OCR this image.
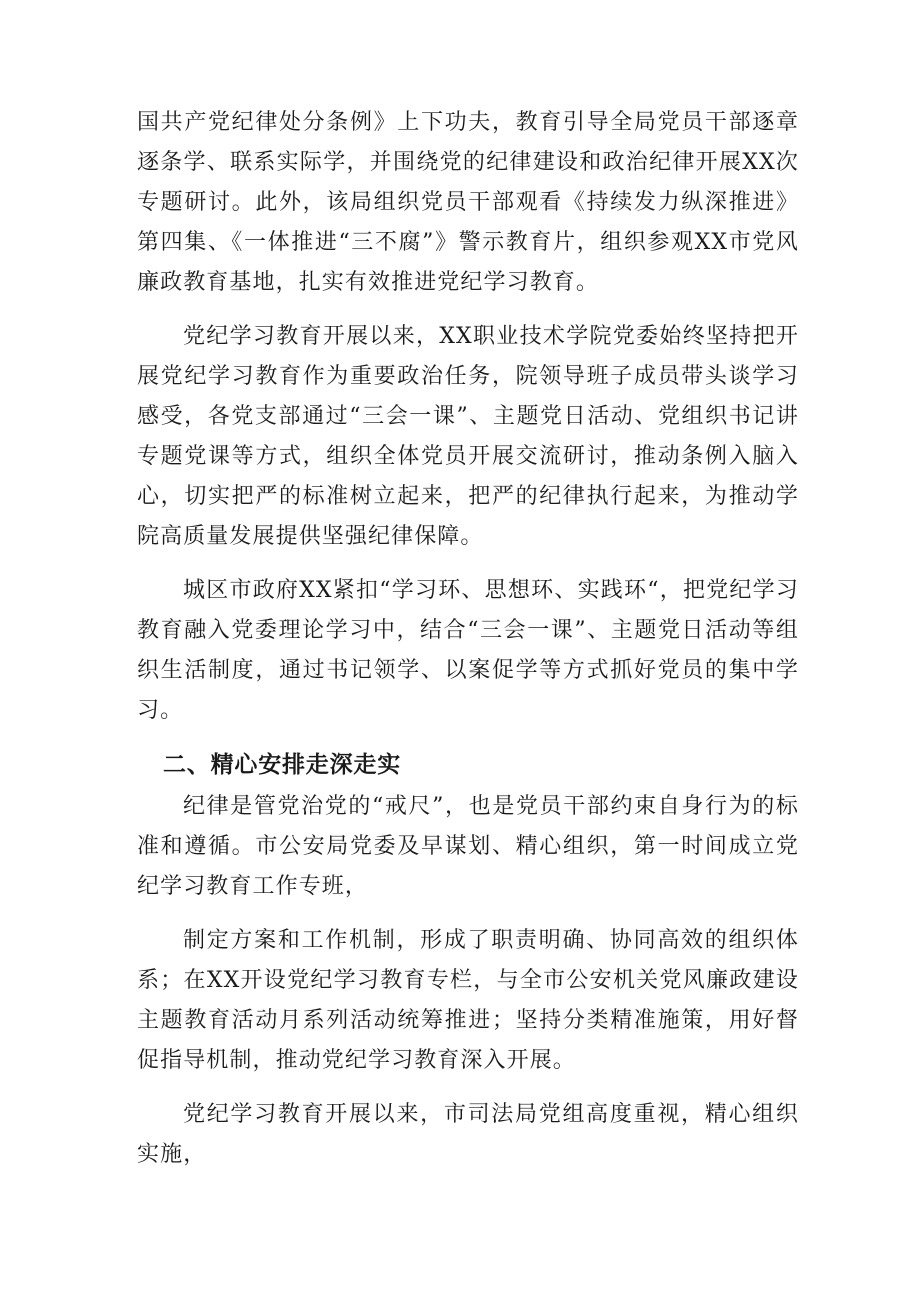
国共产党纪律处分条例》上下功夫，教育引导全局党员干部逐章逐条学、联系实际学，并围绕党的纪律建设和政治纪律开展XX次专题研讨。此外，该局组织党员干部观看《持续发力纵深推进》第四集、《一体推进“三不腐”》警示教育片，组织参观XX市党风廉政教育基地，扎实有效推进党纪学习教育。

党纪学习教育开展以来，XX职业技术学院党委始终坚持把开展党纪学习教育作为重要政治任务，院领导班子成员带头谈学习感受，各党支部通过“三会一课”、主题党日活动、党组织书记讲专题党课等方式，组织全体党员开展交流研讨，推动条例入脑入心，切实把严的标准树立起来，把严的纪律执行起来，为推动学院高质量发展提供坚强纪律保障。

城区市政府XX紧扣“学习环、思想环、实践环“，把党纪学习教育融入党委理论学习中，结合“三会一课”、主题党日活动等组织生活制度，通过书记领学、以案促学等方式抓好党员的集中学习。

二、精心安排走深走实

纪律是管党治党的“戒尺”，也是党员干部约束自身行为的标准和遵循。市公安局党委及早谋划、精心组织，第一时间成立党纪学习教育工作专班，

制定方案和工作机制，形成了职责明确、协同高效的组织体系；在XX开设党纪学习教育专栏，与全市公安机关党风廉政建设主题教育活动月系列活动统筹推进；坚持分类精准施策，用好督促指导机制，推动党纪学习教育深入开展。

党纪学习教育开展以来，市司法局党组高度重视，精心组织实施，
